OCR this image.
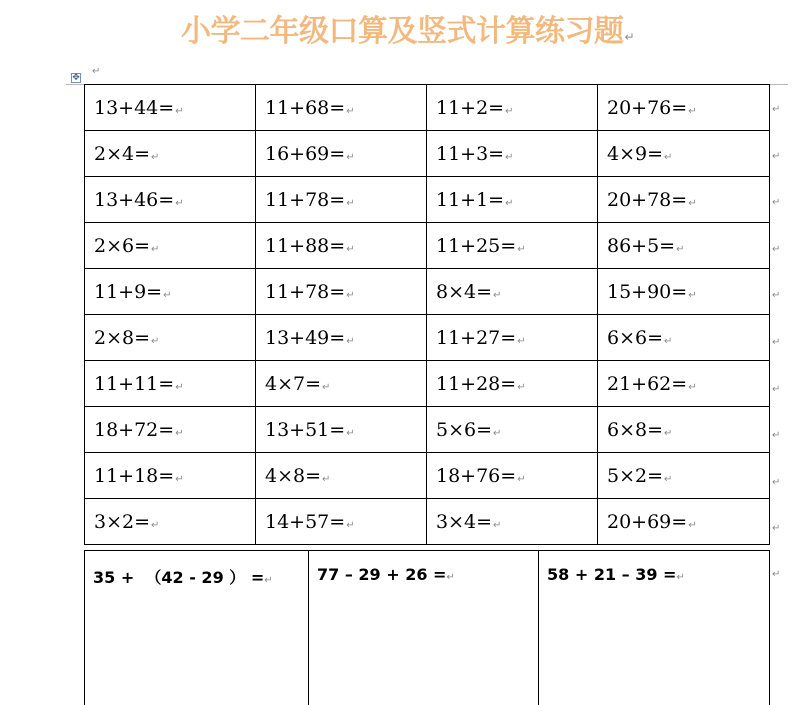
小学二年级口算及竖式计算练习题↵
✥
↵
13+44=↵	11+68=↵	11+2=↵	20+76=↵
2×4=↵	16+69=↵	11+3=↵	4×9=↵
13+46=↵	11+78=↵	11+1=↵	20+78=↵
2×6=↵	11+88=↵	11+25=↵	86+5=↵
11+9=↵	11+78=↵	8×4=↵	15+90=↵
2×8=↵	13+49=↵	11+27=↵	6×6=↵
11+11=↵	4×7=↵	11+28=↵	21+62=↵
18+72=↵	13+51=↵	5×6=↵	6×8=↵
11+18=↵	4×8=↵	18+76=↵	5×2=↵
3×2=↵	14+57=↵	3×4=↵	20+69=↵
↵
↵
↵
↵
↵
↵
↵
↵
↵
↵
35 +  （42 - 29 ） =↵	77 – 29 + 26 =↵	58 + 21 – 39 =↵	↵
